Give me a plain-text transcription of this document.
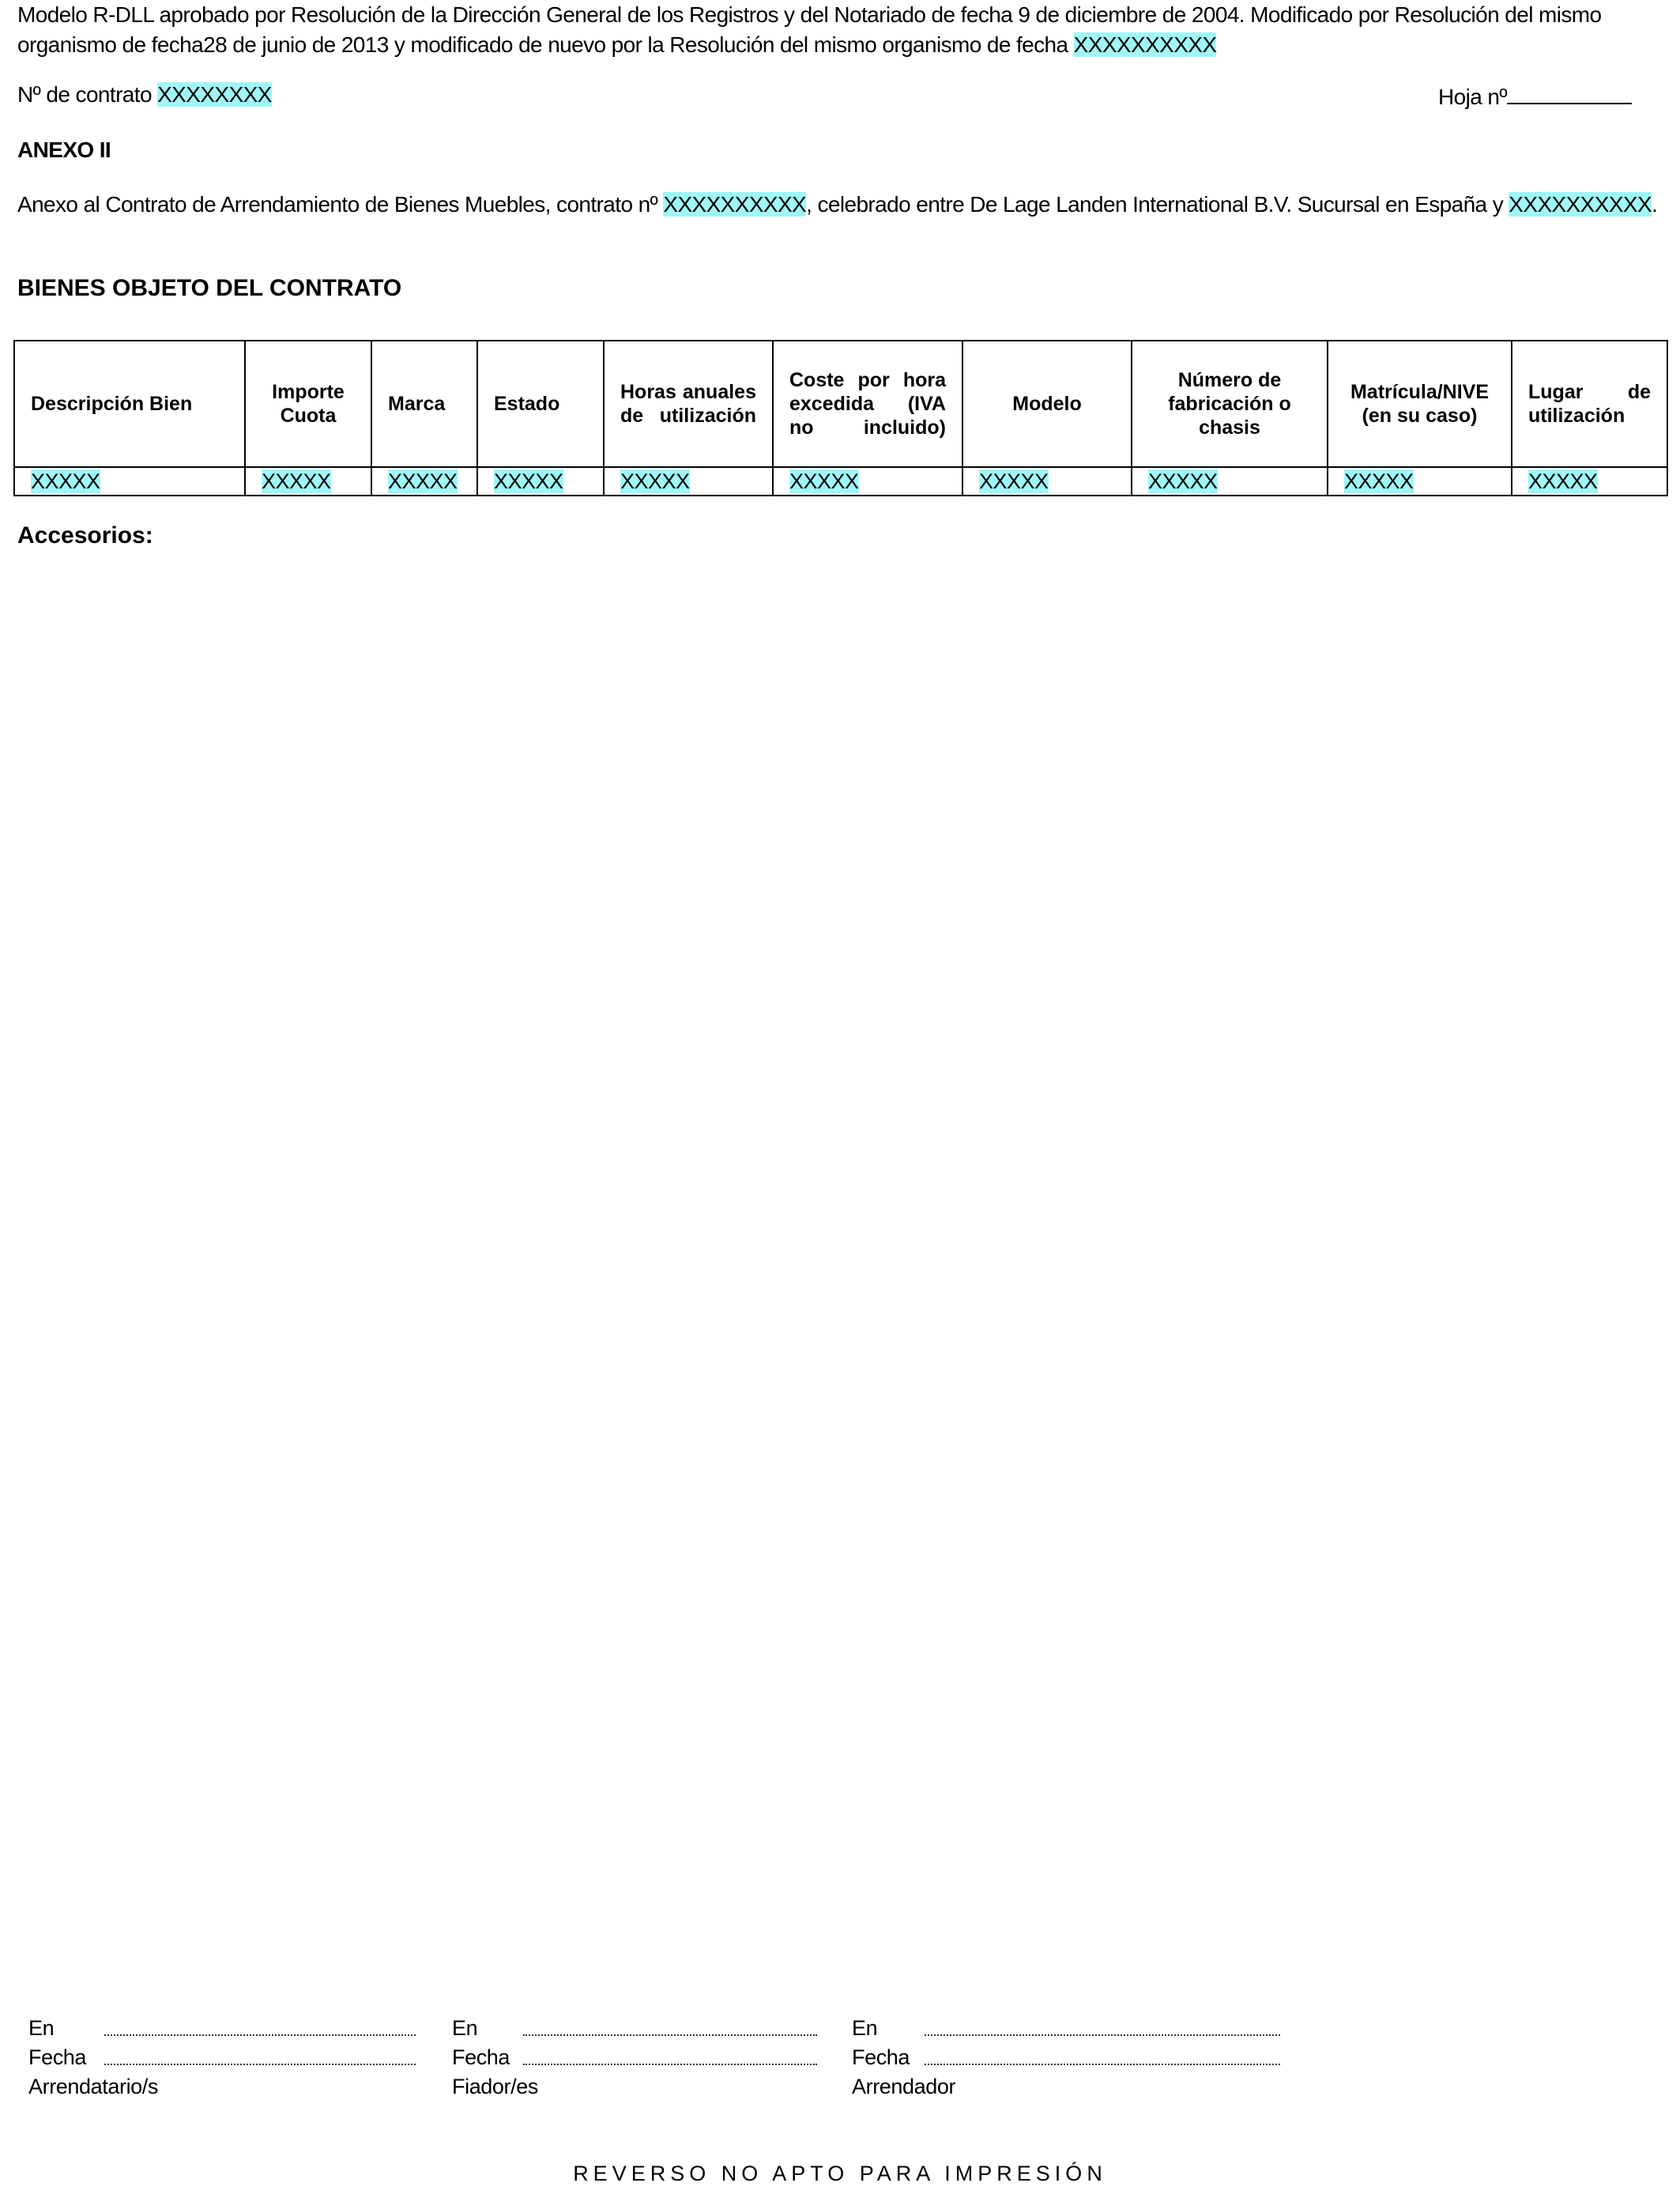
Modelo R-DLL aprobado por Resolución de la Dirección General de los Registros y del Notariado de fecha 9 de diciembre de 2004. Modificado por Resolución del mismo organismo de fecha28 de junio de 2013 y modificado de nuevo por la Resolución del mismo organismo de fecha XXXXXXXXXX
Nº de contrato XXXXXXXX	Hoja nº
ANEXO II
Anexo al Contrato de Arrendamiento de Bienes Muebles, contrato nº XXXXXXXXXX, celebrado entre De Lage Landen International B.V. Sucursal en España y XXXXXXXXXX.
BIENES OBJETO DEL CONTRATO
Descripción Bien	Importe Cuota	Marca	Estado	Horas anuales de utilización	Coste por hora excedida (IVA no incluido)	Modelo	Número de fabricación o chasis	Matrícula/NIVE (en su caso)	Lugar de utilización
XXXXX	XXXXX	XXXXX	XXXXX	XXXXX	XXXXX	XXXXX	XXXXX	XXXXX	XXXXX
Accesorios:
En
Fecha
Arrendatario/s
En
Fecha
Fiador/es
En
Fecha
Arrendador
REVERSO NO APTO PARA IMPRESIÓN
